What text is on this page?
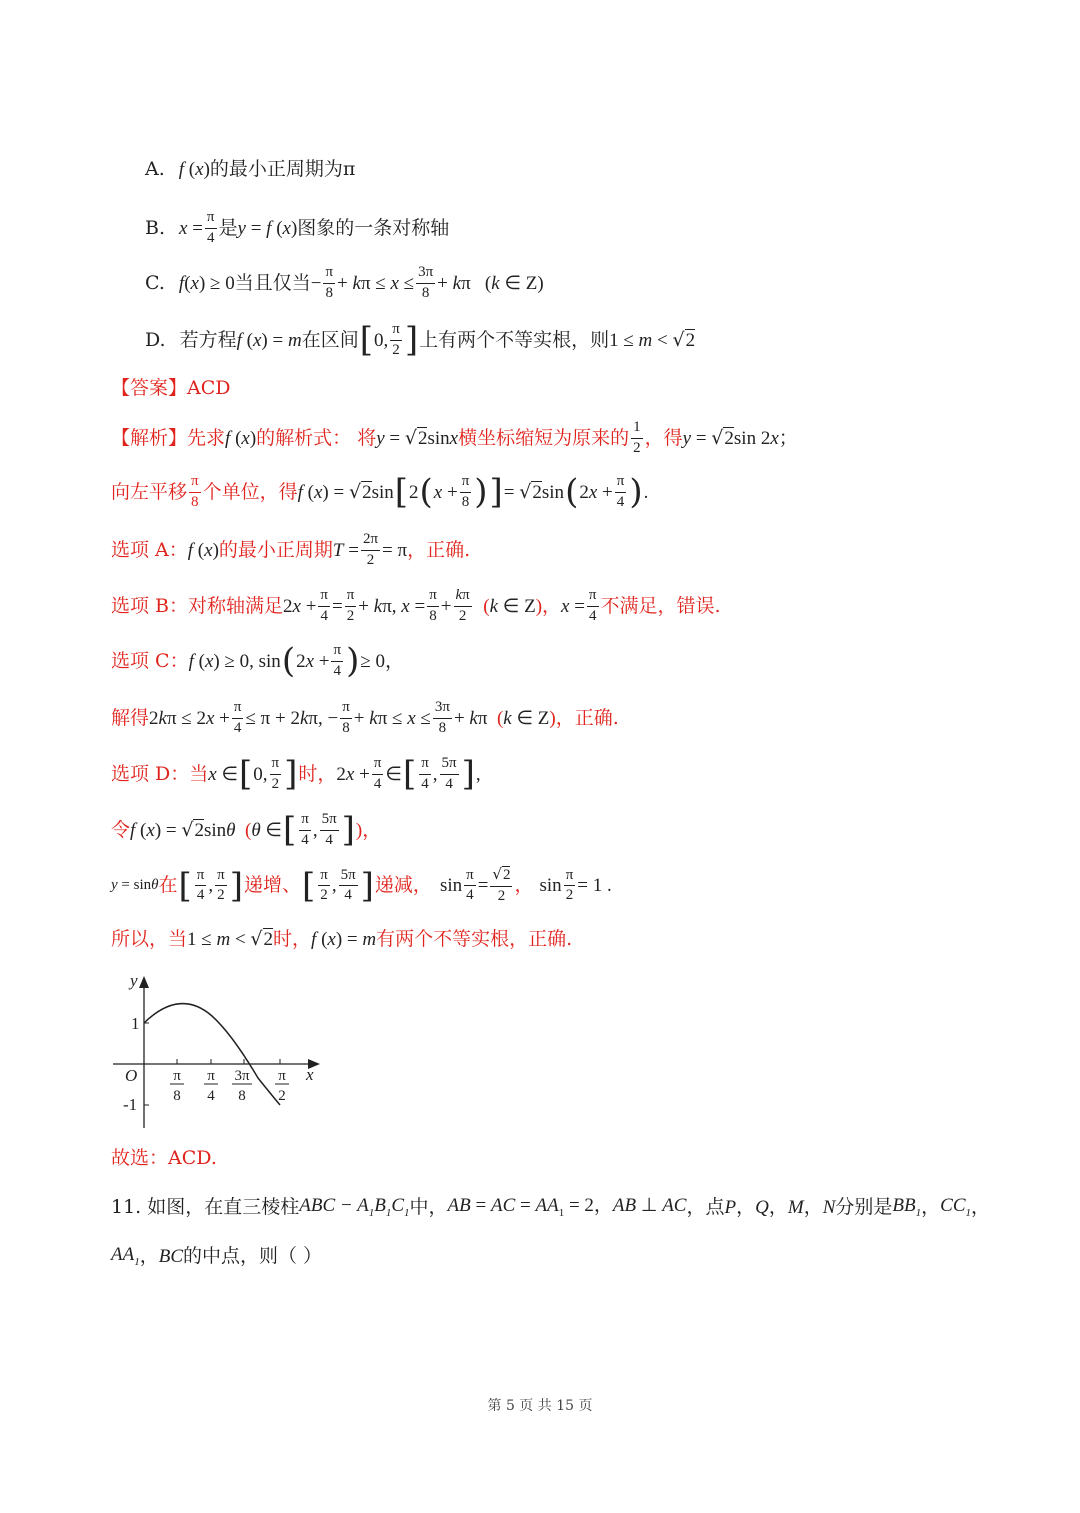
A. f (x) 的最小正周期为π
B. $x = \frac{\pi}{4}$ 是 y = f (x) 图象的一条对称轴
C. f(x) ≥ 0 当且仅当 − $\frac{\pi}{8} + k\pi \le x \le \frac{3\pi}{8} + k\pi$   (k ∈ Z)
D. 若方程 f (x) = m 在区间 [ 0, $\frac{\pi}{2}$ ] 上有两个不等实根，则 1 ≤ m < √2
【答案】 ACD
【解析】 先求 f (x) 的解析式： 将 y = √2sinx 横坐标缩短为原来的 $\frac{1}{2}$ ，得 y = √2sin 2x；
向左平移 $\frac{\pi}{8}$ 个单位，得 f (x) = √2sin [ 2 ( $x + \frac{\pi}{8}$ ) ] = √2sin ( $2x + \frac{\pi}{4}$ ) .
选项 A： f (x) 的最小正周期 $T = \frac{2\pi}{2} = \pi$ ，正确.
选项 B：对称轴满足 $2x + \frac{\pi}{4} = \frac{\pi}{2} + k\pi$, $x = \frac{\pi}{8} + \frac{k\pi}{2} (k$ ∈ Z)， $x = \frac{\pi}{4}$ 不满足，错误.
选项 C： f (x) ≥ 0, sin ( $2x + \frac{\pi}{4}$ ) ≥ 0，
解得 $2k\pi \le 2x + \frac{\pi}{4} \le \pi + 2k\pi$, − $\frac{\pi}{8} + k\pi \le x \le \frac{3\pi}{8} + k\pi$ (k ∈ Z) ，正确.
选项 D：当 x ∈ [ 0, $\frac{\pi}{2}$ ] 时， $2x + \frac{\pi}{4}$ ∈ [ $\frac{\pi}{4}$ , $\frac{5\pi}{4}$ ] ,
令 f (x) = √2sinθ (θ ∈ [ $\frac{\pi}{4}$ , $\frac{5\pi}{4}$ ] )，
y = sinθ 在 [ $\frac{\pi}{4}$ , $\frac{\pi}{2}$ ] 递增、 [ $\frac{\pi}{2}$ , $\frac{5\pi}{4}$ ] 递减， $\sin \frac{\pi}{4} = \frac{√2}{2}$ ， $\sin \frac{\pi}{2} = 1$ .
所以，当 1 ≤ m < √2 时， f (x) = m 有两个不等实根，正确.
y
x
O
1
-1
π
8
π
4
3π
8
π
2
故选：ACD.
11. 如图，在直三棱柱 ABC − $A_1B_1C_1$ 中， AB = AC = $AA_1 = 2$，AB ⊥ AC ，点 P ， Q ， M ， N 分别是 $BB_1$ ， $CC_1$ ，
$AA_1$ ， BC 的中点，则（ ）
第 5 页 共 15 页
